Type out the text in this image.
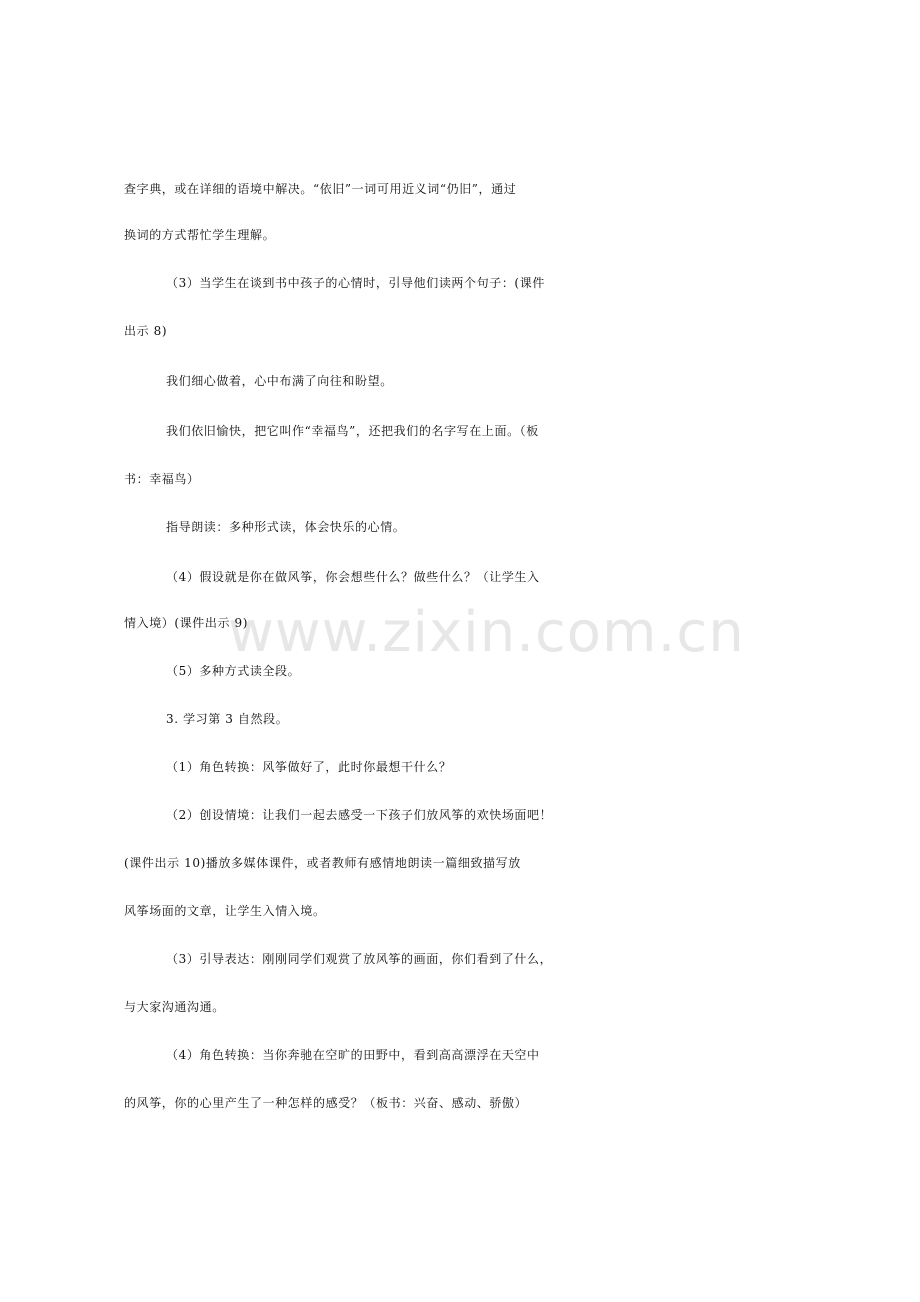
www.zixin.com.cn
查字典，或在详细的语境中解决。“依旧”一词可用近义词“仍旧”，通过
换词的方式帮忙学生理解。
（3）当学生在谈到书中孩子的心情时，引导他们读两个句子：(课件
出示 8)
我们细心做着，心中布满了向往和盼望。
我们依旧愉快，把它叫作“幸福鸟”，还把我们的名字写在上面。（板
书：幸福鸟）
指导朗读：多种形式读，体会快乐的心情。
（4）假设就是你在做风筝，你会想些什么？做些什么？（让学生入
情入境）(课件出示 9)
（5）多种方式读全段。
3. 学习第 3 自然段。
（1）角色转换：风筝做好了，此时你最想干什么？
（2）创设情境：让我们一起去感受一下孩子们放风筝的欢快场面吧！
(课件出示 10)播放多媒体课件，或者教师有感情地朗读一篇细致描写放
风筝场面的文章，让学生入情入境。
（3）引导表达：刚刚同学们观赏了放风筝的画面，你们看到了什么，
与大家沟通沟通。
（4）角色转换：当你奔驰在空旷的田野中，看到高高漂浮在天空中
的风筝，你的心里产生了一种怎样的感受？（板书：兴奋、感动、骄傲）
